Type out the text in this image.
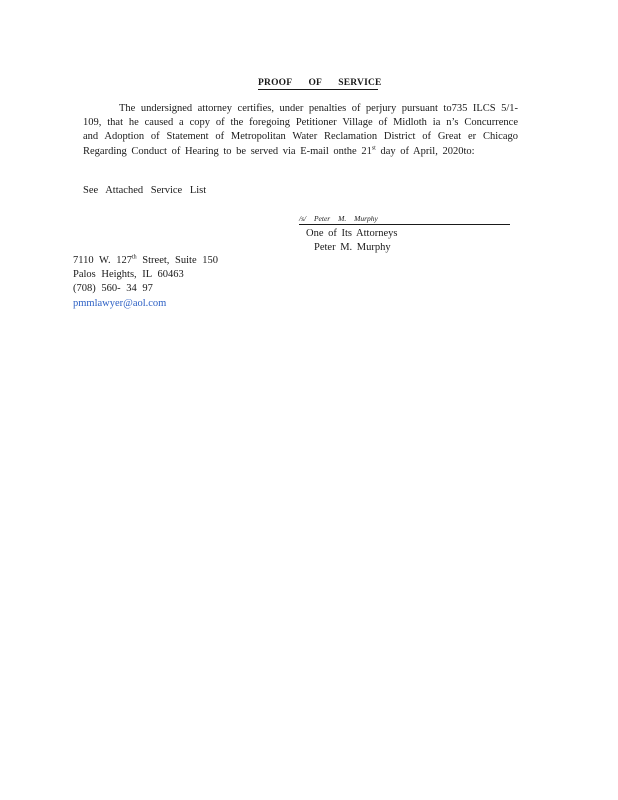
PROOF OF SERVICE
The undersigned attorney certifies, under penalties of perjury pursuant to735 ILCS 5/1-109, that he caused a copy of the foregoing Petitioner Village of Midloth ia n’s Concurrence and Adoption of Statement of Metropolitan Water Reclamation District of Great er Chicago Regarding Conduct of Hearing to be served via E-mail onthe 21st day of April, 2020to:
See Attached Service List
/s/ Peter M. Murphy
One of Its Attorneys
Peter M. Murphy
7110 W. 127th Street, Suite 150
Palos Heights, IL 60463
(708) 560- 34 97
pmmlawyer@aol.com
